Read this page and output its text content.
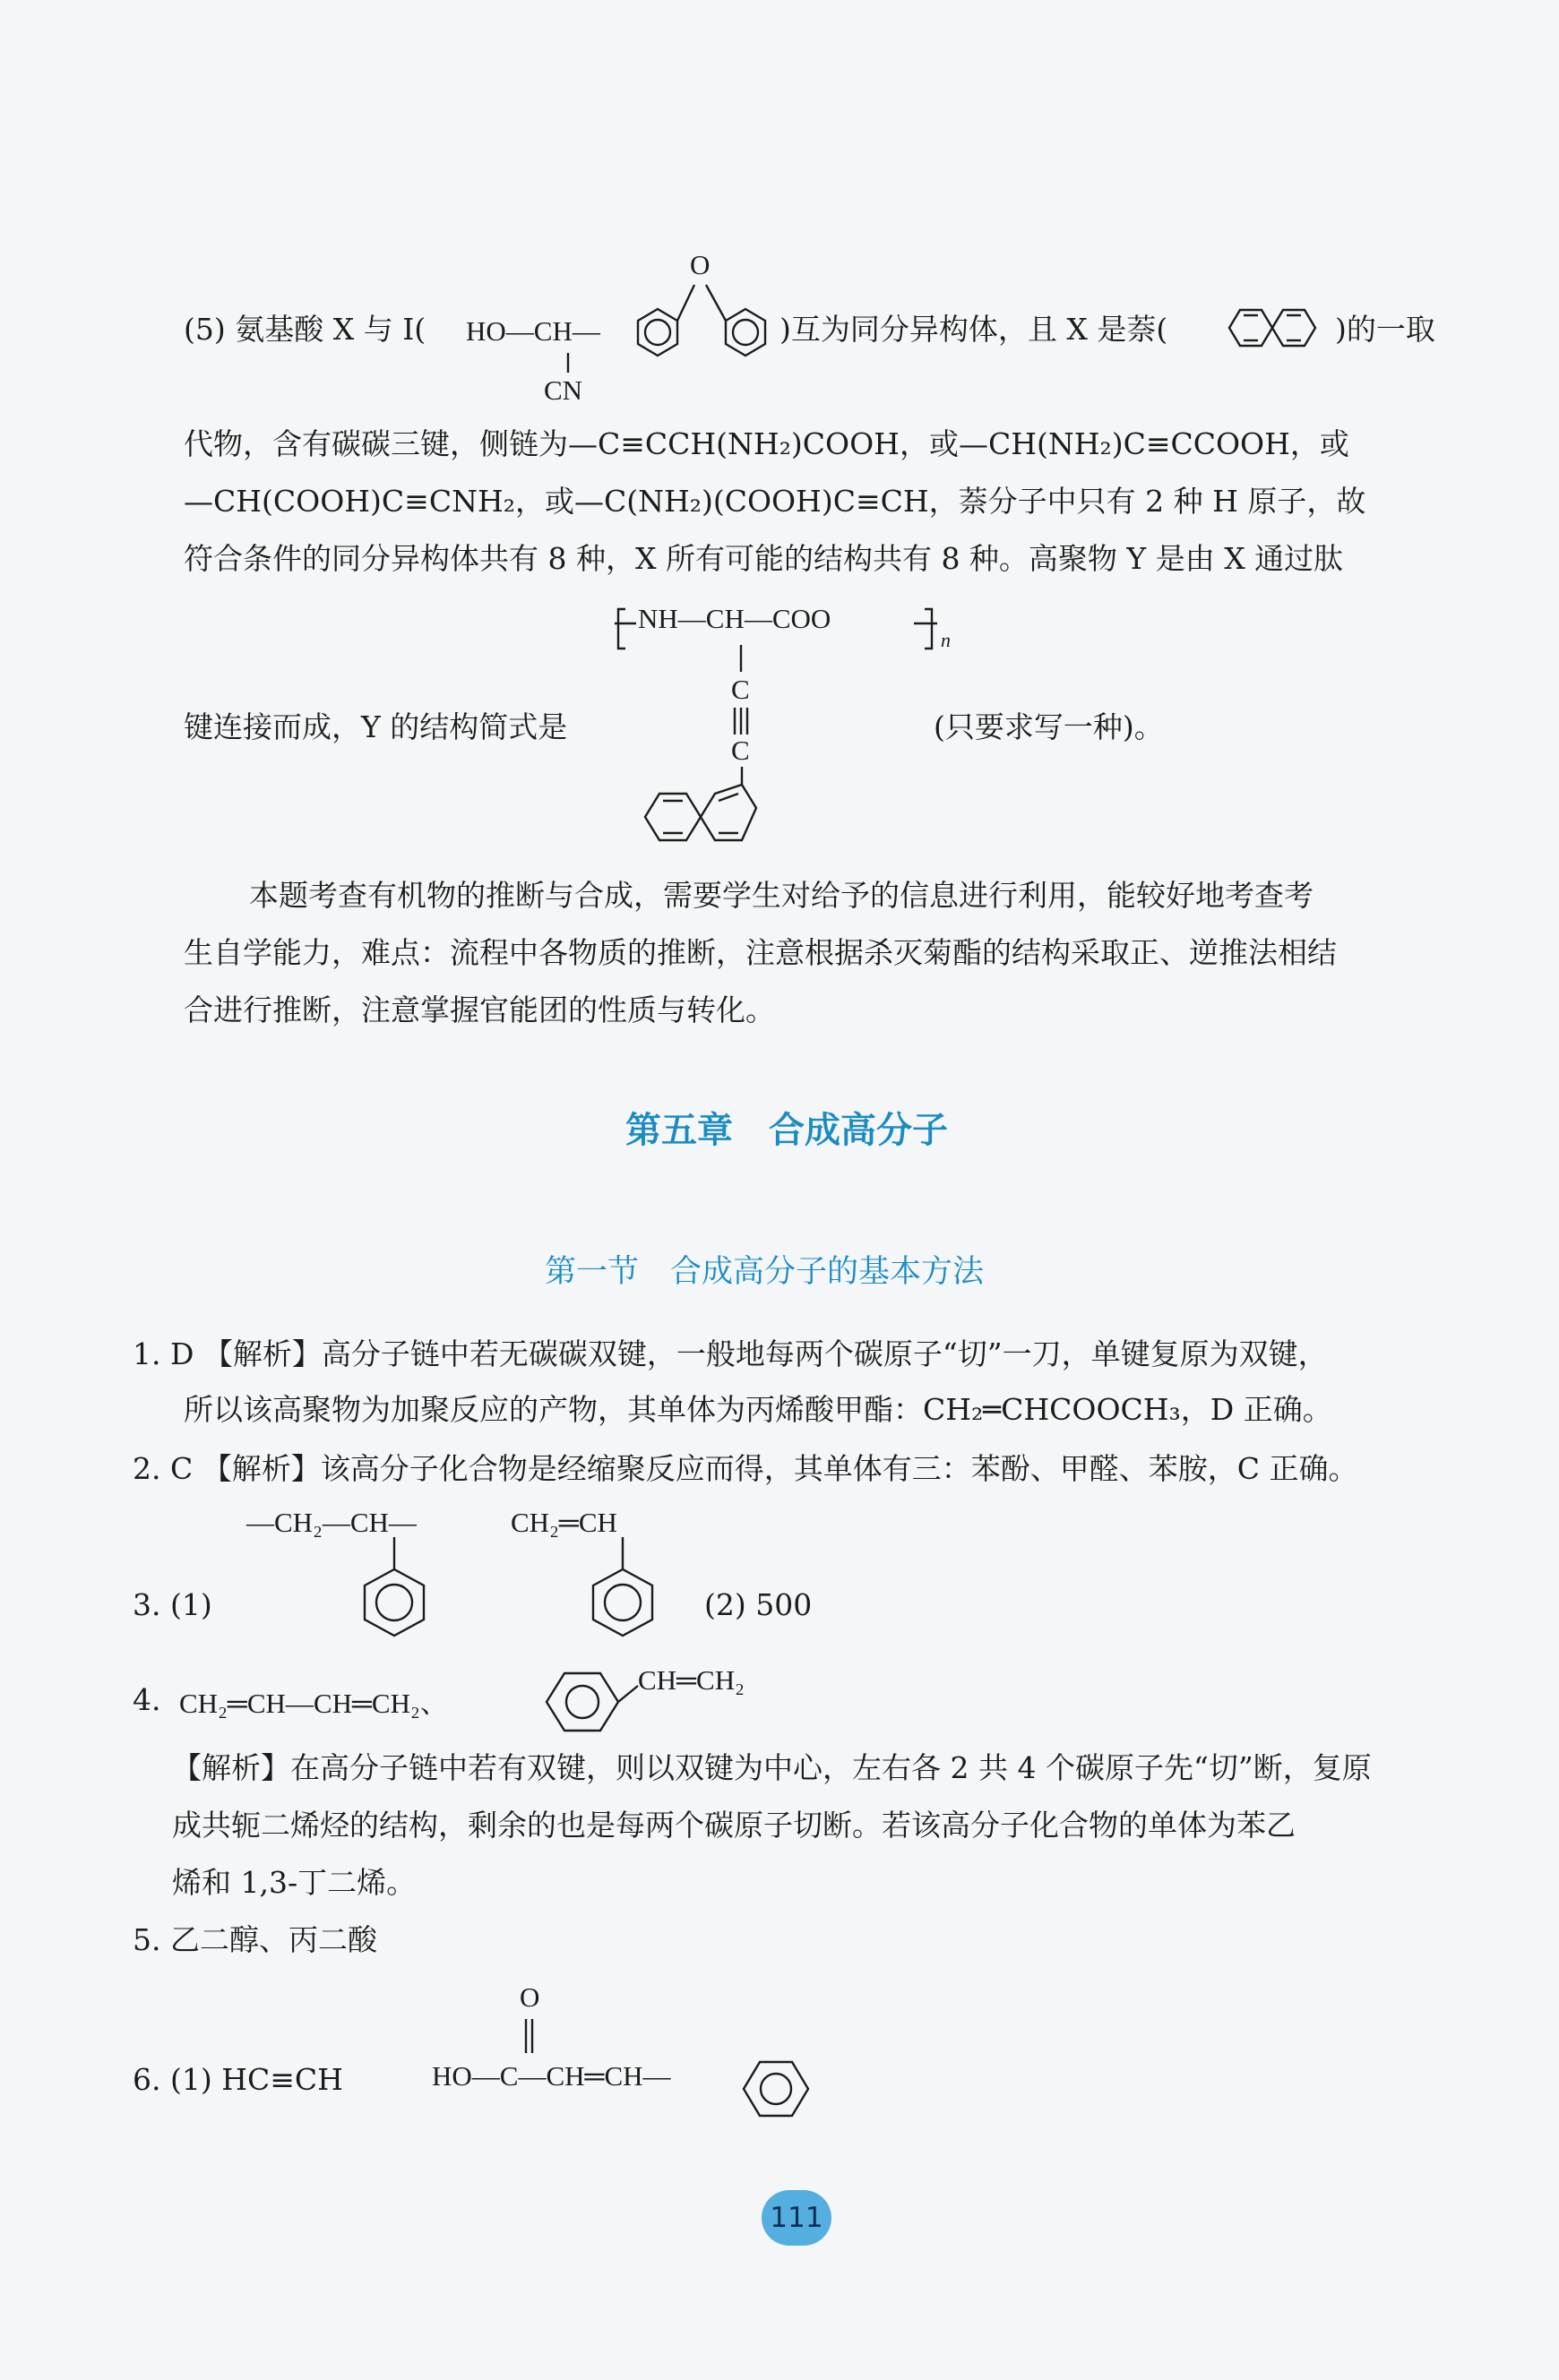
(5) 氨基酸 X 与 I( HO—CH—
CN
O
)互为同分异构体，且 X 是萘(	)的一取
代物，含有碳碳三键，侧链为—C≡CCH(NH₂)COOH，或—CH(NH₂)C≡CCOOH，或
—CH(COOH)C≡CNH₂，或—C(NH₂)(COOH)C≡CH，萘分子中只有 2 种 H 原子，故
符合条件的同分异构体共有 8 种，X 所有可能的结构共有 8 种。高聚物 Y 是由 X 通过肽
NH—CH—COO
n
C
C
键连接而成，Y 的结构简式是	(只要求写一种)。
本题考查有机物的推断与合成，需要学生对给予的信息进行利用，能较好地考查考
生自学能力，难点：流程中各物质的推断，注意根据杀灭菊酯的结构采取正、逆推法相结
合进行推断，注意掌握官能团的性质与转化。
第五章　合成高分子
第一节　合成高分子的基本方法
1. D 【解析】高分子链中若无碳碳双键，一般地每两个碳原子“切”一刀，单键复原为双键，
所以该高聚物为加聚反应的产物，其单体为丙烯酸甲酯：CH₂═CHCOOCH₃，D 正确。
2. C 【解析】该高分子化合物是经缩聚反应而得，其单体有三：苯酚、甲醛、苯胺，C 正确。
—CH₂—CH—	CH₂═CH
3. (1)	(2) 500
4. CH₂═CH—CH═CH₂、
CH═CH₂
【解析】在高分子链中若有双键，则以双键为中心，左右各 2 共 4 个碳原子先“切”断，复原
成共轭二烯烃的结构，剩余的也是每两个碳原子切断。若该高分子化合物的单体为苯乙
烯和 1,3-丁二烯。
5. 乙二醇、丙二酸
O
6. (1) HC≡CH	HO—C—CH═CH—
111
